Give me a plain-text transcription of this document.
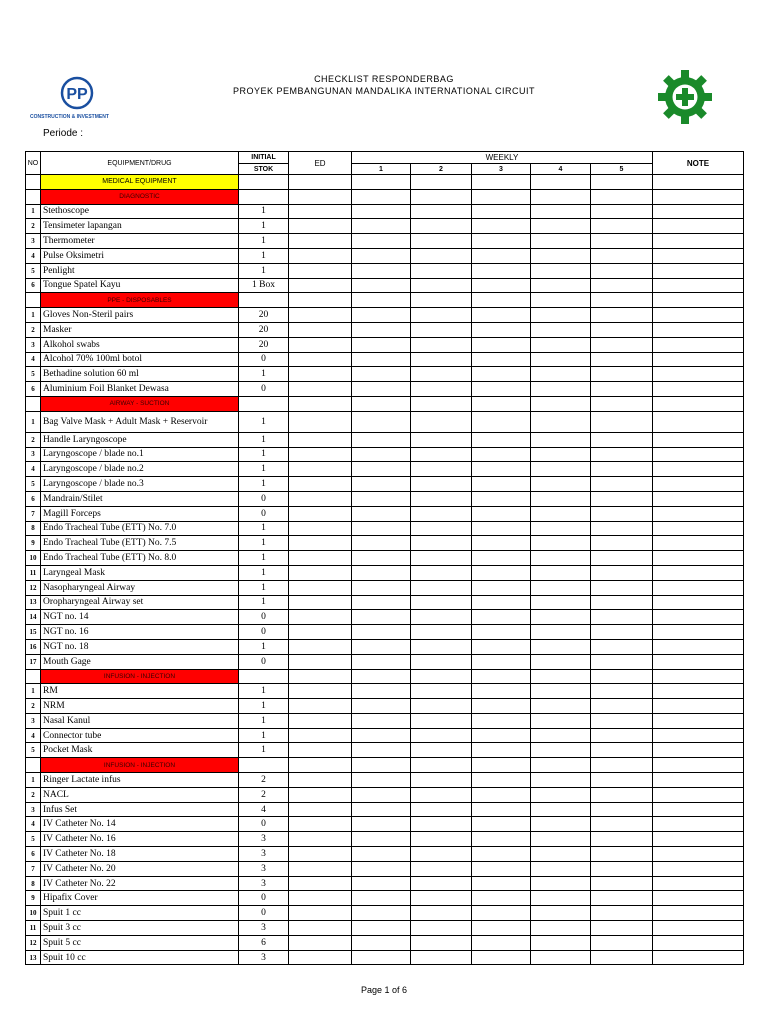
PP
CONSTRUCTION & INVESTMENT
CHECKLIST RESPONDERBAG
PROYEK PEMBANGUNAN MANDALIKA INTERNATIONAL CIRCUIT
Periode :
NO	EQUIPMENT/DRUG	INITIAL	ED	WEEKLY					NOTE
		STOK		1	2	3	4	5	
	MEDICAL EQUIPMENT								
	DIAGNOSTIC								
1	Stethoscope	1							
2	Tensimeter lapangan	1							
3	Thermometer	1							
4	Pulse Oksimetri	1							
5	Penlight	1							
6	Tongue Spatel Kayu	1 Box							
	PPE - DISPOSABLES								
1	Gloves Non-Steril pairs	20							
2	Masker	20							
3	Alkohol swabs	20							
4	Alcohol 70% 100ml botol	0							
5	Bethadine solution 60 ml	1							
6	Aluminium Foil Blanket Dewasa	0							
	AIRWAY - SUCTION								
1	Bag Valve Mask + Adult Mask + Reservoir	1							
2	Handle Laryngoscope	1							
3	Laryngoscope / blade no.1	1							
4	Laryngoscope / blade no.2	1							
5	Laryngoscope / blade no.3	1							
6	Mandrain/Stilet	0							
7	Magill Forceps	0							
8	Endo Tracheal Tube (ETT) No. 7.0	1							
9	Endo Tracheal Tube (ETT) No. 7.5	1							
10	Endo Tracheal Tube (ETT) No. 8.0	1							
11	Laryngeal Mask	1							
12	Nasopharyngeal Airway	1							
13	Oropharyngeal Airway set	1							
14	NGT no. 14	0							
15	NGT no. 16	0							
16	NGT no. 18	1							
17	Mouth Gage	0							
	INFUSION - INJECTION								
1	RM	1							
2	NRM	1							
3	Nasal Kanul	1							
4	Connector tube	1							
5	Pocket Mask	1							
	INFUSION - INJECTION								
1	Ringer Lactate infus	2							
2	NACL	2							
3	Infus Set	4							
4	IV Catheter No. 14	0							
5	IV Catheter No. 16	3							
6	IV Catheter No. 18	3							
7	IV Catheter No. 20	3							
8	IV Catheter No. 22	3							
9	Hipafix Cover	0							
10	Spuit 1 cc	0							
11	Spuit 3 cc	3							
12	Spuit 5 cc	6							
13	Spuit 10 cc	3							
Page 1 of 6
